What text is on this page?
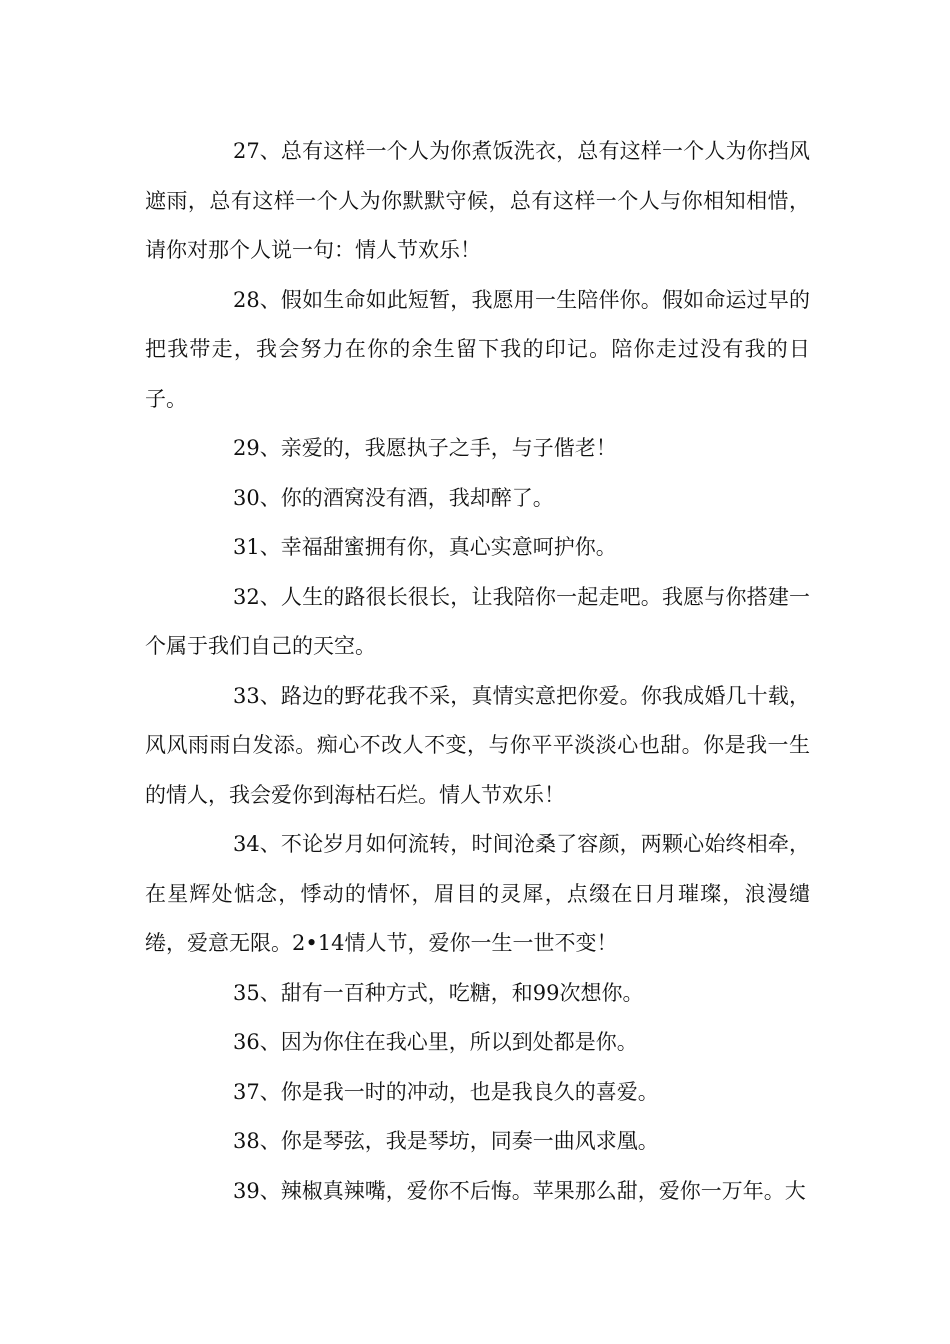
27、总有这样一个人为你煮饭洗衣，总有这样一个人为你挡风遮雨，总有这样一个人为你默默守候，总有这样一个人与你相知相惜，请你对那个人说一句：情人节欢乐！

28、假如生命如此短暂，我愿用一生陪伴你。假如命运过早的把我带走，我会努力在你的余生留下我的印记。陪你走过没有我的日子。

29、亲爱的，我愿执子之手，与子偕老！

30、你的酒窝没有酒，我却醉了。

31、幸福甜蜜拥有你，真心实意呵护你。

32、人生的路很长很长，让我陪你一起走吧。我愿与你搭建一个属于我们自己的天空。

33、路边的野花我不采，真情实意把你爱。你我成婚几十载，风风雨雨白发添。痴心不改人不变，与你平平淡淡心也甜。你是我一生的情人，我会爱你到海枯石烂。情人节欢乐！

34、不论岁月如何流转，时间沧桑了容颜，两颗心始终相牵，在星辉处惦念，悸动的情怀，眉目的灵犀，点缀在日月璀璨，浪漫缱绻，爱意无限。2•14情人节，爱你一生一世不变！

35、甜有一百种方式，吃糖，和99次想你。

36、因为你住在我心里，所以到处都是你。

37、你是我一时的冲动，也是我良久的喜爱。

38、你是琴弦，我是琴坊，同奏一曲风求凰。

39、辣椒真辣嘴，爱你不后悔。苹果那么甜，爱你一万年。大
